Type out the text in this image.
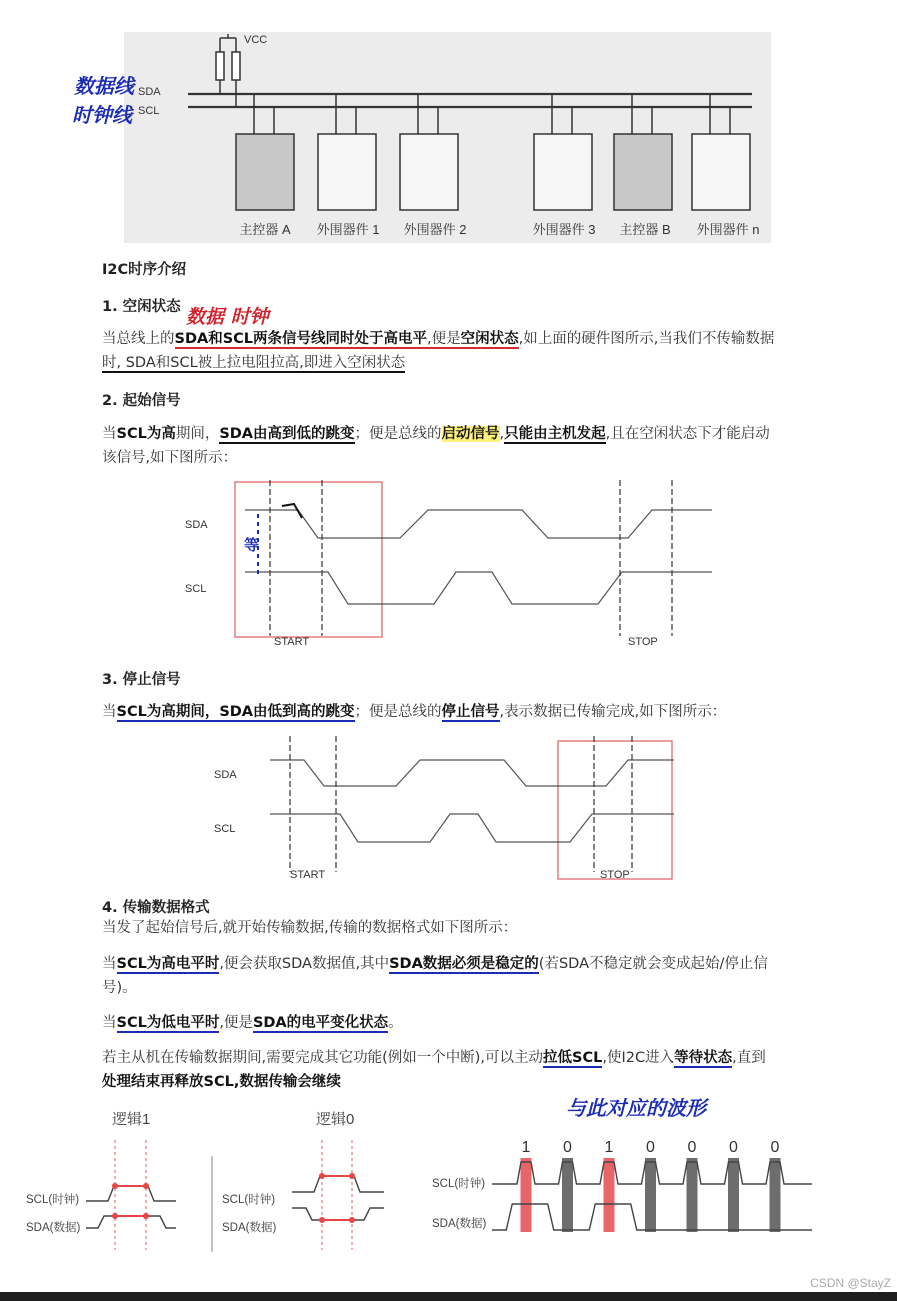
VCC
SDA
SCL
主控器 A 外围器件 1 外围器件 2	外围器件 3 主控器 B 外围器件 n
数据线
时钟线
I2C时序介绍
1. 空闲状态 数据 时钟
当总线上的SDA和SCL两条信号线同时处于高电平,便是空闲状态,如上面的硬件图所示,当我们不传输数据
时, SDA和SCL被上拉电阻拉高,即进入空闲状态
2. 起始信号
当SCL为高期间，SDA由高到低的跳变；便是总线的启动信号,只能由主机发起,且在空闲状态下才能启动
该信号,如下图所示：
SDA
SCL
START	STOP
等
3. 停止信号
当SCL为高期间，SDA由低到高的跳变；便是总线的停止信号,表示数据已传输完成,如下图所示：
SDA
SCL
START	STOP
4. 传输数据格式
当发了起始信号后,就开始传输数据,传输的数据格式如下图所示：
当SCL为高电平时,便会获取SDA数据值,其中SDA数据必须是稳定的(若SDA不稳定就会变成起始/停止信
号)。
当SCL为低电平时,便是SDA的电平变化状态。
若主从机在传输数据期间,需要完成其它功能(例如一个中断),可以主动拉低SCL,使I2C进入等待状态,直到
处理结束再释放SCL,数据传输会继续
与此对应的波形
逻辑1
SCL(时钟)
SDA(数据)
逻辑0
SCL(时钟)
SDA(数据)
SCL(时钟)
SDA(数据)
1 0 1 0 0 0 0
CSDN @StayZ
